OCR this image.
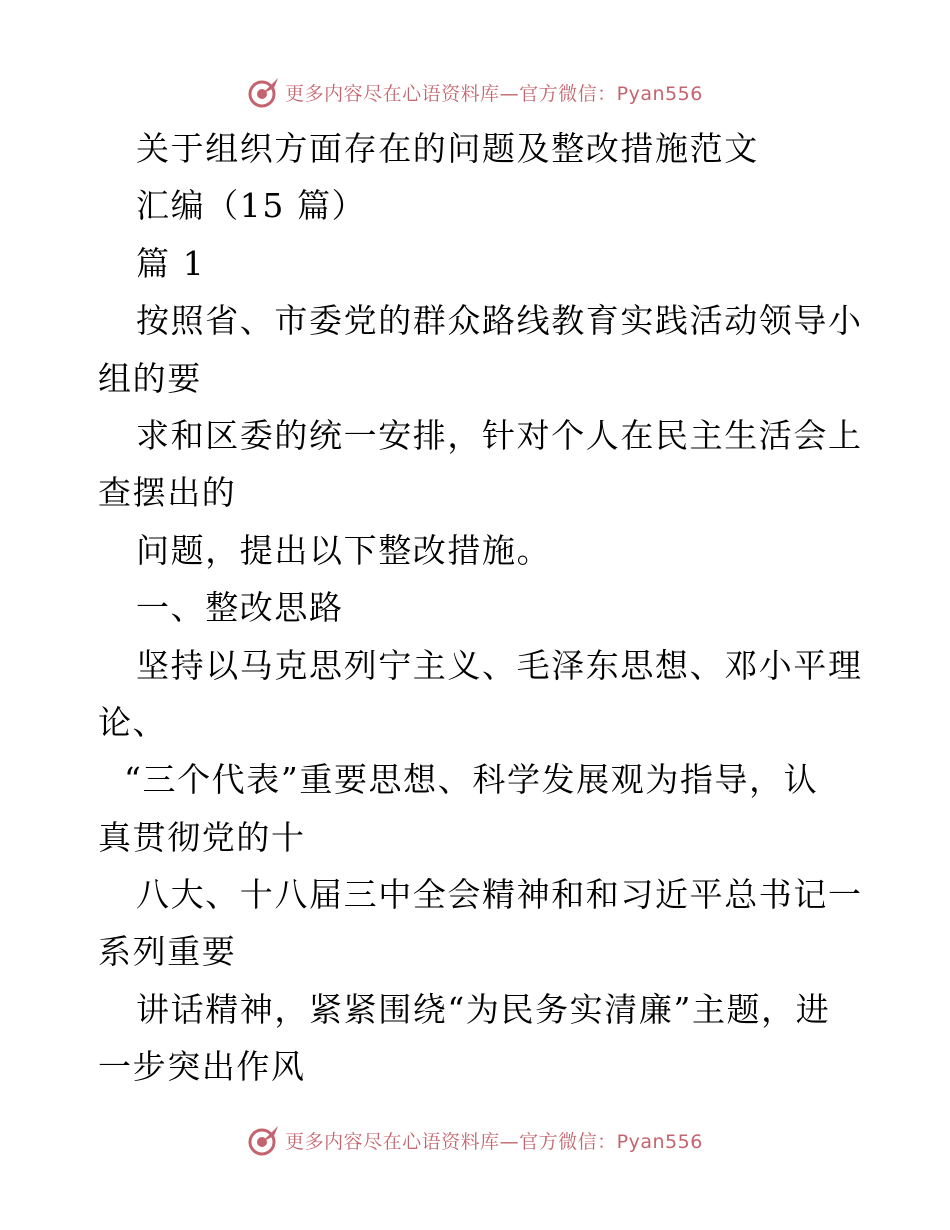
更多内容尽在心语资料库—官方微信：Pyan556
关于组织方面存在的问题及整改措施范文
汇编（15 篇）
篇 1
按照省、市委党的群众路线教育实践活动领导小
组的要
求和区委的统一安排，针对个人在民主生活会上
查摆出的
问题，提出以下整改措施。
一、整改思路
坚持以马克思列宁主义、毛泽东思想、邓小平理
论、
“三个代表”重要思想、科学发展观为指导，认
真贯彻党的十
八大、十八届三中全会精神和和习近平总书记一
系列重要
讲话精神，紧紧围绕“为民务实清廉”主题，进
一步突出作风
更多内容尽在心语资料库—官方微信：Pyan556
